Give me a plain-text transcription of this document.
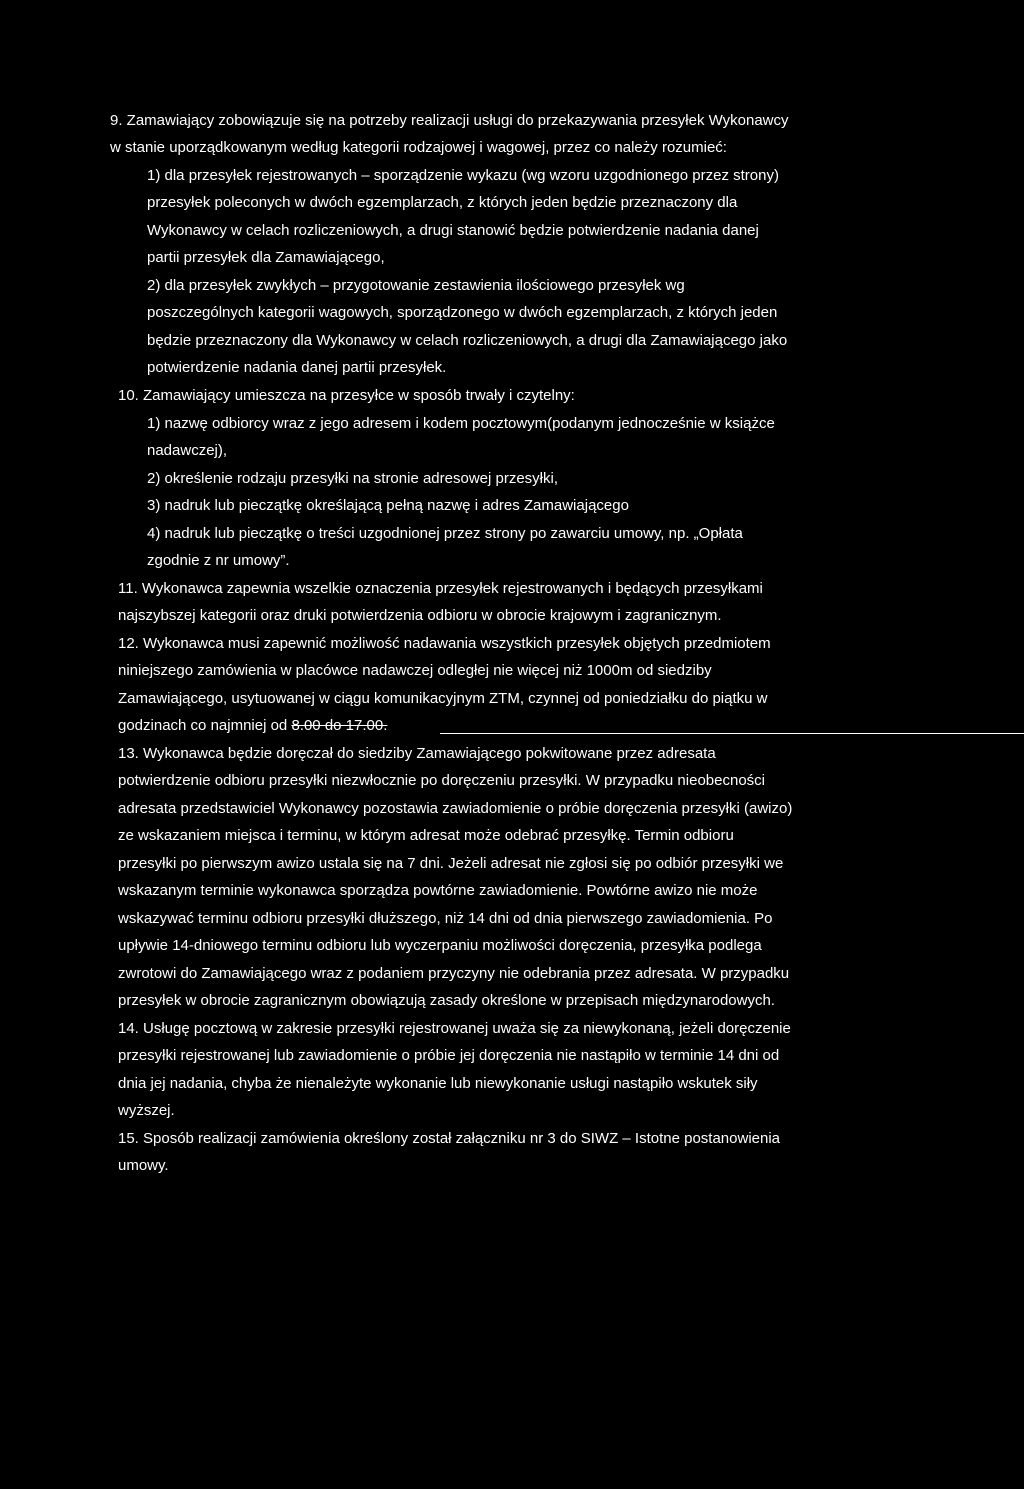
9. Zamawiający zobowiązuje się na potrzeby realizacji usługi do przekazywania przesyłek Wykonawcy
w stanie uporządkowanym według kategorii rodzajowej i wagowej, przez co należy rozumieć:
1) dla przesyłek rejestrowanych – sporządzenie wykazu (wg wzoru uzgodnionego przez strony)
przesyłek poleconych w dwóch egzemplarzach, z których jeden będzie przeznaczony dla
Wykonawcy w celach rozliczeniowych, a drugi stanowić będzie potwierdzenie nadania danej
partii przesyłek dla Zamawiającego,
2) dla przesyłek zwykłych – przygotowanie zestawienia ilościowego przesyłek wg
poszczególnych kategorii wagowych, sporządzonego w dwóch egzemplarzach, z których jeden
będzie przeznaczony dla Wykonawcy w celach rozliczeniowych, a drugi dla Zamawiającego jako
potwierdzenie nadania danej partii przesyłek.
10. Zamawiający umieszcza na przesyłce w sposób trwały i czytelny:
1) nazwę odbiorcy wraz z jego adresem i kodem pocztowym(podanym jednocześnie w książce
nadawczej),
2) określenie rodzaju przesyłki na stronie adresowej przesyłki,
3) nadruk lub pieczątkę określającą pełną nazwę i adres Zamawiającego
4) nadruk lub pieczątkę o treści uzgodnionej przez strony po zawarciu umowy, np. „Opłata
zgodnie z nr umowy”.
11. Wykonawca zapewnia wszelkie oznaczenia przesyłek rejestrowanych i będących przesyłkami
najszybszej kategorii oraz druki potwierdzenia odbioru w obrocie krajowym i zagranicznym.
12. Wykonawca musi zapewnić możliwość nadawania wszystkich przesyłek objętych przedmiotem
niniejszego zamówienia w placówce nadawczej odległej nie więcej niż 1000m od siedziby
Zamawiającego, usytuowanej w ciągu komunikacyjnym ZTM, czynnej od poniedziałku do piątku w
godzinach co najmniej od 8.00 do 17.00.
13. Wykonawca będzie doręczał do siedziby Zamawiającego pokwitowane przez adresata
potwierdzenie odbioru przesyłki niezwłocznie po doręczeniu przesyłki. W przypadku nieobecności
adresata przedstawiciel Wykonawcy pozostawia zawiadomienie o próbie doręczenia przesyłki (awizo)
ze wskazaniem miejsca i terminu, w którym adresat może odebrać przesyłkę. Termin odbioru
przesyłki po pierwszym awizo ustala się na 7 dni. Jeżeli adresat nie zgłosi się po odbiór przesyłki we
wskazanym terminie wykonawca sporządza powtórne zawiadomienie. Powtórne awizo nie może
wskazywać terminu odbioru przesyłki dłuższego, niż 14 dni od dnia pierwszego zawiadomienia. Po
upływie 14-dniowego terminu odbioru lub wyczerpaniu możliwości doręczenia, przesyłka podlega
zwrotowi do Zamawiającego wraz z podaniem przyczyny nie odebrania przez adresata. W przypadku
przesyłek w obrocie zagranicznym obowiązują zasady określone w przepisach międzynarodowych.
14. Usługę pocztową w zakresie przesyłki rejestrowanej uważa się za niewykonaną, jeżeli doręczenie
przesyłki rejestrowanej lub zawiadomienie o próbie jej doręczenia nie nastąpiło w terminie 14 dni od
dnia jej nadania, chyba że nienależyte wykonanie lub niewykonanie usługi nastąpiło wskutek siły
wyższej.
15. Sposób realizacji zamówienia określony został załączniku nr 3 do SIWZ – Istotne postanowienia
umowy.
